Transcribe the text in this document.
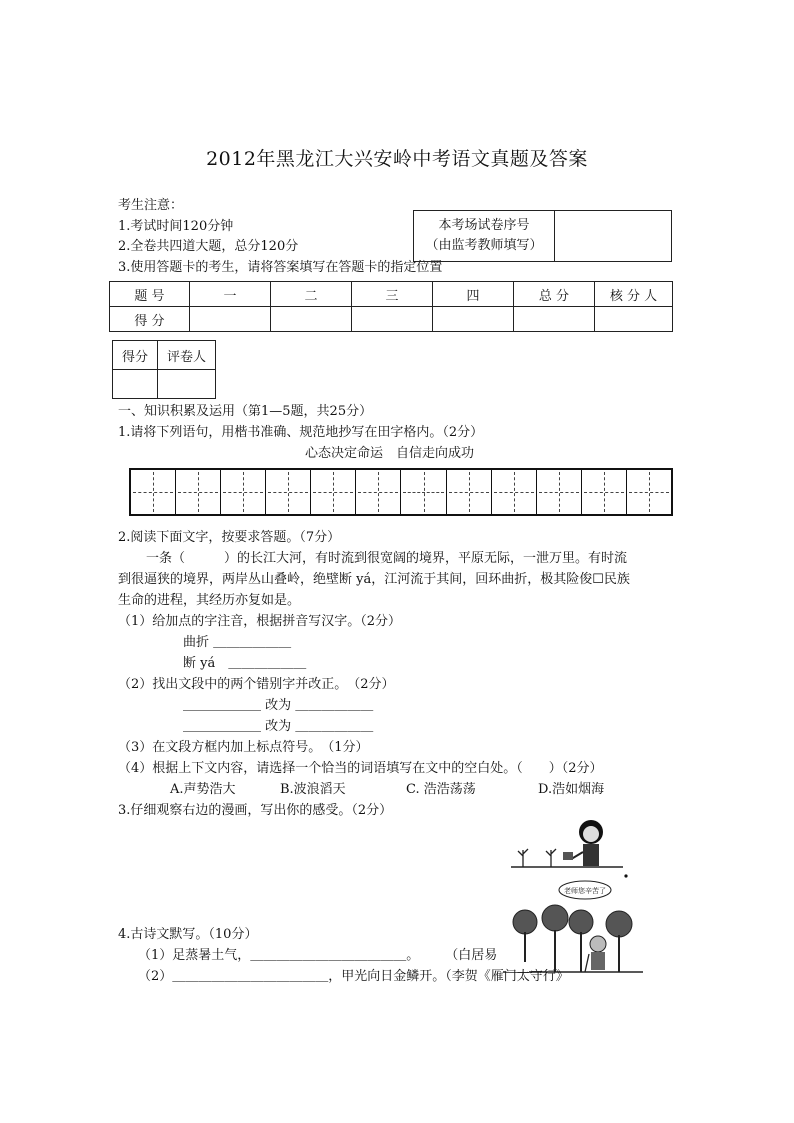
2012年黑龙江大兴安岭中考语文真题及答案
考生注意：
1.考试时间120分钟
2.全卷共四道大题，总分120分
3.使用答题卡的考生，请将答案填写在答题卡的指定位置
本考场试卷序号
（由监考教师填写）

题 号	一	二	三	四	总 分	核 分 人
得 分						
得分	评卷人

一、知识积累及运用（第1—5题，共25分）
1.请将下列语句，用楷书准确、规范地抄写在田字格内。（2分）
心态决定命运　自信走向成功
2.阅读下面文字，按要求答题。（7分）
一条（　　　）的长江大河，有时流到很宽阔的境界，平原无际，一泄万里。有时流
到很逼狭的境界，两岸丛山叠岭，绝壁断 yá，江河流于其间，回环曲折，极其险俊☐民族
生命的进程，其经历亦复如是。
（1）给加点的字注音，根据拼音写汉字。（2分）
曲折 ＿＿＿＿＿＿
断 yá　＿＿＿＿＿＿
（2）找出文段中的两个错别字并改正。　（2分）
＿＿＿＿＿＿ 改为 ＿＿＿＿＿＿
＿＿＿＿＿＿ 改为 ＿＿＿＿＿＿
（3）在文段方框内加上标点符号。　（1分）
（4）根据上下文内容，请选择一个恰当的词语填写在文中的空白处。（　　）（2分）
A.声势浩大	B.波浪滔天	C. 浩浩荡荡	D.浩如烟海
3.仔细观察右边的漫画，写出你的感受。（2分）
老师您辛苦了
4.古诗文默写。（10分）
（1）足蒸暑土气，＿＿＿＿＿＿＿＿＿＿＿＿。　　　（白居易
（2）＿＿＿＿＿＿＿＿＿＿＿＿，甲光向日金鳞开。（李贺《雁门太守行》
